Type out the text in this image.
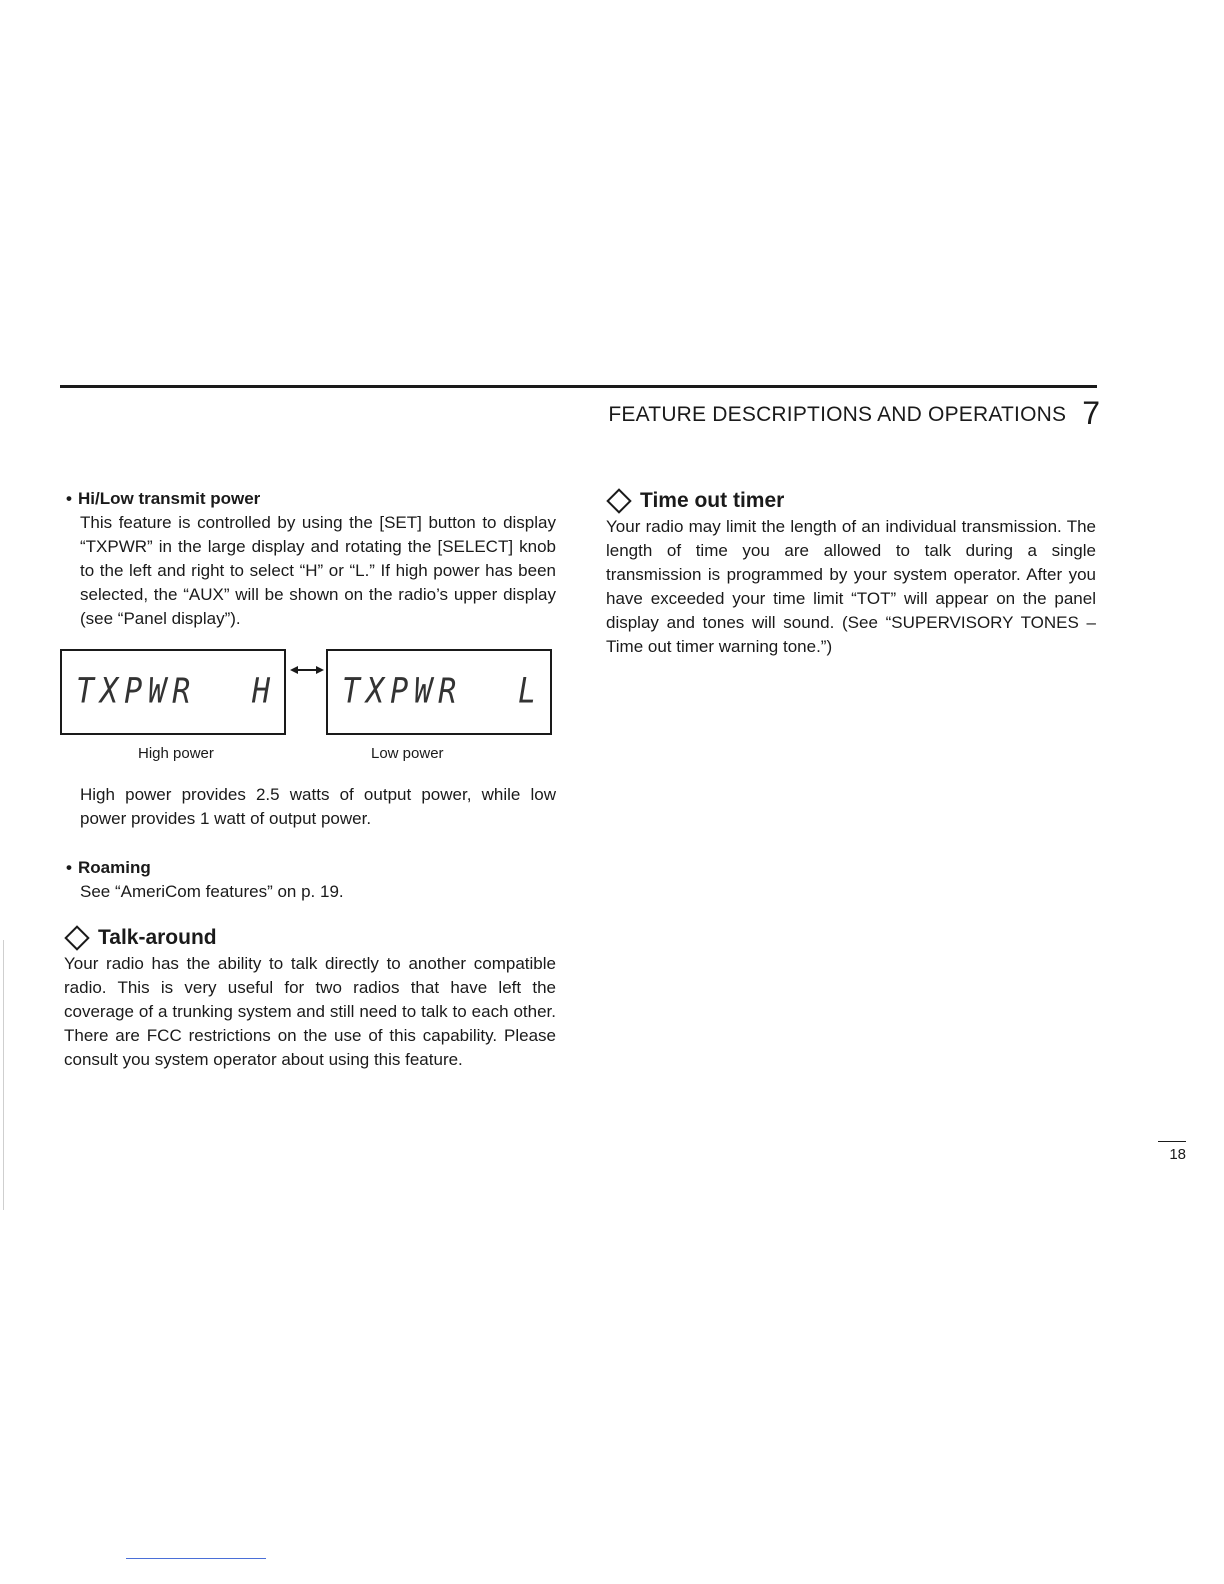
FEATURE DESCRIPTIONS AND OPERATIONS 7
• Hi/Low transmit power
This feature is controlled by using the [SET] button to display “TXPWR” in the large display and rotating the [SELECT] knob to the left and right to select “H” or “L.” If high power has been selected, the “AUX” will be shown on the radio’s upper display (see “Panel display”).
TXPWR H TXPWR L
High power	Low power
High power provides 2.5 watts of output power, while low power provides 1 watt of output power.
• Roaming
See “AmeriCom features” on p. 19.
Talk-around
Your radio has the ability to talk directly to another compatible radio. This is very useful for two radios that have left the coverage of a trunking system and still need to talk to each other. There are FCC restrictions on the use of this capability. Please consult you system operator about using this feature.
Time out timer
Your radio may limit the length of an individual transmission. The length of time you are allowed to talk during a single transmission is programmed by your system operator. After you have exceeded your time limit “TOT” will appear on the panel display and tones will sound. (See “SUPERVISORY TONES – Time out timer warning tone.”)
18
